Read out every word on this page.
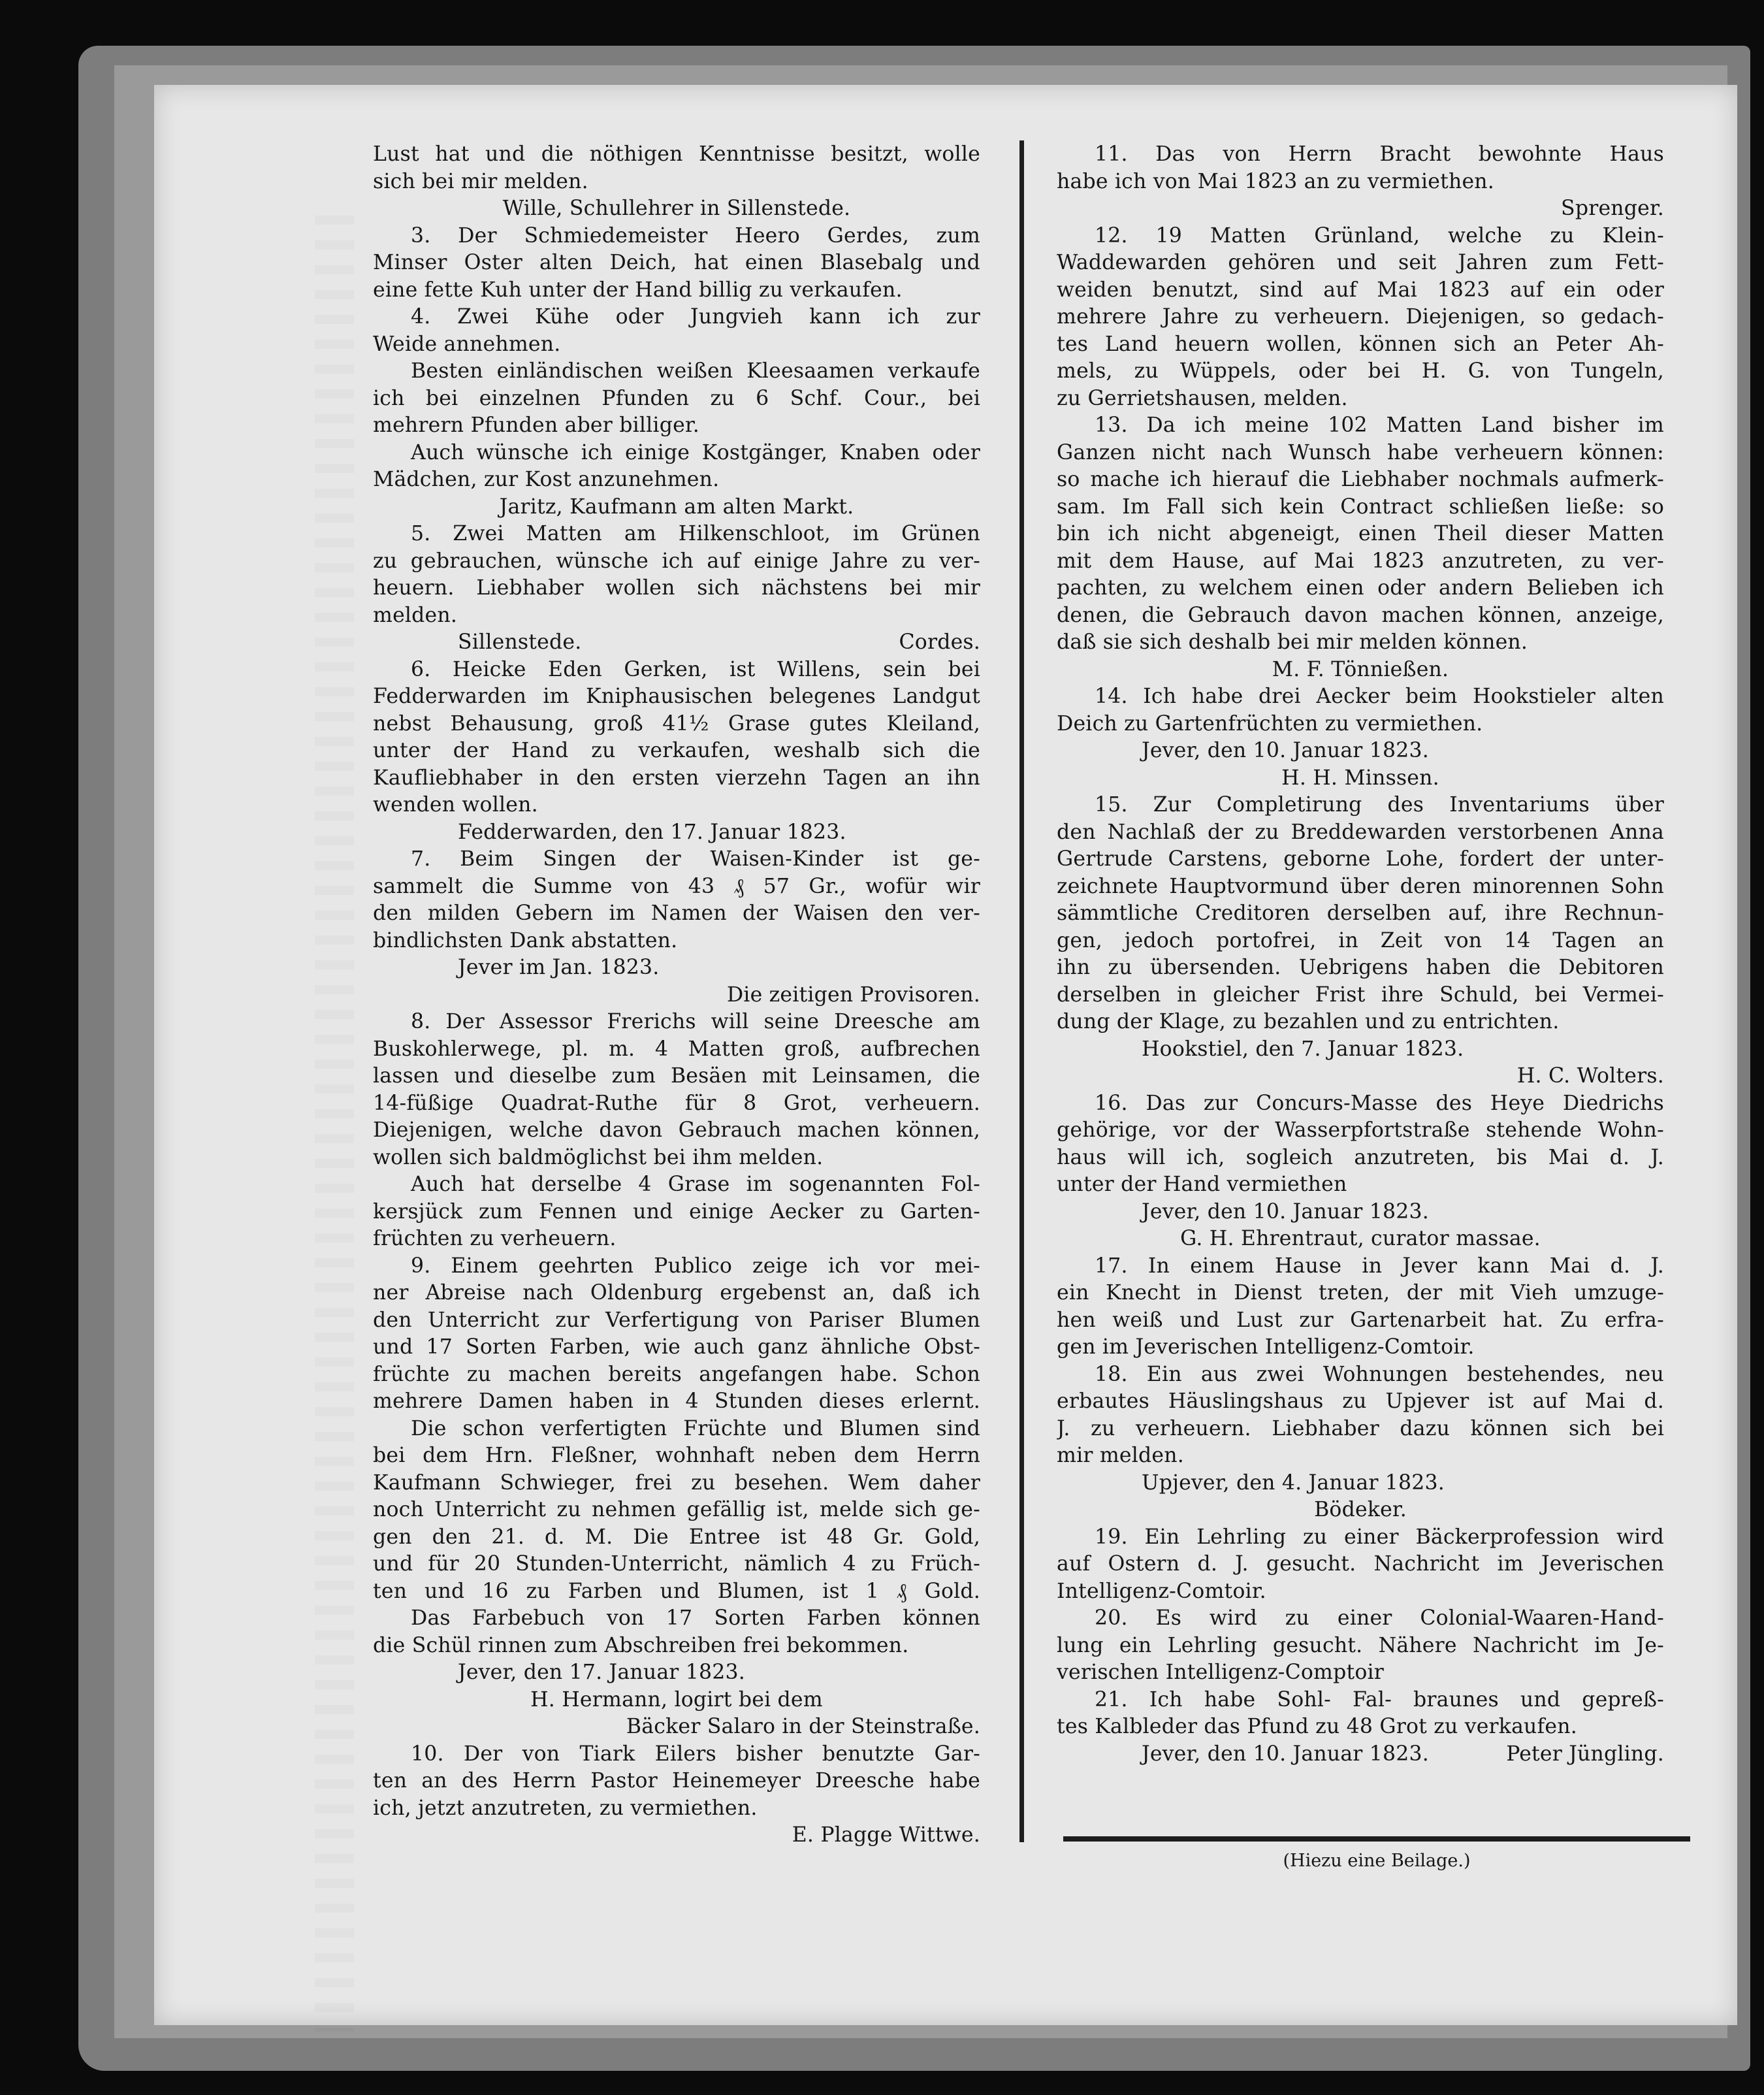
Lust hat und die nöthigen Kenntnisse besitzt, wolle
sich bei mir melden.
Wille, Schullehrer in Sillenstede.
3. Der Schmiedemeister Heero Gerdes, zum
Minser Oster alten Deich, hat einen Blasebalg und
eine fette Kuh unter der Hand billig zu verkaufen.
4. Zwei Kühe oder Jungvieh kann ich zur
Weide annehmen.
Besten einländischen weißen Kleesaamen verkaufe
ich bei einzelnen Pfunden zu 6 Schf. Cour., bei
mehrern Pfunden aber billiger.
Auch wünsche ich einige Kostgänger, Knaben oder
Mädchen, zur Kost anzunehmen.
Jaritz, Kaufmann am alten Markt.
5. Zwei Matten am Hilkenschloot, im Grünen
zu gebrauchen, wünsche ich auf einige Jahre zu ver-
heuern. Liebhaber wollen sich nächstens bei mir
melden.
Sillenstede.	Cordes.
6. Heicke Eden Gerken, ist Willens, sein bei
Fedderwarden im Kniphausischen belegenes Landgut
nebst Behausung, groß 41½ Grase gutes Kleiland,
unter der Hand zu verkaufen, weshalb sich die
Kaufliebhaber in den ersten vierzehn Tagen an ihn
wenden wollen.
Fedderwarden, den 17. Januar 1823.
7. Beim Singen der Waisen-Kinder ist ge-
sammelt die Summe von 43 ₰ 57 Gr., wofür wir
den milden Gebern im Namen der Waisen den ver-
bindlichsten Dank abstatten.
Jever im Jan. 1823.
Die zeitigen Provisoren.
8. Der Assessor Frerichs will seine Dreesche am
Buskohlerwege, pl. m. 4 Matten groß, aufbrechen
lassen und dieselbe zum Besäen mit Leinsamen, die
14-füßige Quadrat-Ruthe für 8 Grot, verheuern.
Diejenigen, welche davon Gebrauch machen können,
wollen sich baldmöglichst bei ihm melden.
Auch hat derselbe 4 Grase im sogenannten Fol-
kersjück zum Fennen und einige Aecker zu Garten-
früchten zu verheuern.
9. Einem geehrten Publico zeige ich vor mei-
ner Abreise nach Oldenburg ergebenst an, daß ich
den Unterricht zur Verfertigung von Pariser Blumen
und 17 Sorten Farben, wie auch ganz ähnliche Obst-
früchte zu machen bereits angefangen habe. Schon
mehrere Damen haben in 4 Stunden dieses erlernt.
Die schon verfertigten Früchte und Blumen sind
bei dem Hrn. Fleßner, wohnhaft neben dem Herrn
Kaufmann Schwieger, frei zu besehen. Wem daher
noch Unterricht zu nehmen gefällig ist, melde sich ge-
gen den 21. d. M. Die Entree ist 48 Gr. Gold,
und für 20 Stunden-Unterricht, nämlich 4 zu Früch-
ten und 16 zu Farben und Blumen, ist 1 ₰ Gold.
Das Farbebuch von 17 Sorten Farben können
die Schül rinnen zum Abschreiben frei bekommen.
Jever, den 17. Januar 1823.
H. Hermann, logirt bei dem
Bäcker Salaro in der Steinstraße.
10. Der von Tiark Eilers bisher benutzte Gar-
ten an des Herrn Pastor Heinemeyer Dreesche habe
ich, jetzt anzutreten, zu vermiethen.
E. Plagge Wittwe.
11. Das von Herrn Bracht bewohnte Haus
habe ich von Mai 1823 an zu vermiethen.
Sprenger.
12. 19 Matten Grünland, welche zu Klein-
Waddewarden gehören und seit Jahren zum Fett-
weiden benutzt, sind auf Mai 1823 auf ein oder
mehrere Jahre zu verheuern. Diejenigen, so gedach-
tes Land heuern wollen, können sich an Peter Ah-
mels, zu Wüppels, oder bei H. G. von Tungeln,
zu Gerrietshausen, melden.
13. Da ich meine 102 Matten Land bisher im
Ganzen nicht nach Wunsch habe verheuern können:
so mache ich hierauf die Liebhaber nochmals aufmerk-
sam. Im Fall sich kein Contract schließen ließe: so
bin ich nicht abgeneigt, einen Theil dieser Matten
mit dem Hause, auf Mai 1823 anzutreten, zu ver-
pachten, zu welchem einen oder andern Belieben ich
denen, die Gebrauch davon machen können, anzeige,
daß sie sich deshalb bei mir melden können.
M. F. Tönnießen.
14. Ich habe drei Aecker beim Hookstieler alten
Deich zu Gartenfrüchten zu vermiethen.
Jever, den 10. Januar 1823.
H. H. Minssen.
15. Zur Completirung des Inventariums über
den Nachlaß der zu Breddewarden verstorbenen Anna
Gertrude Carstens, geborne Lohe, fordert der unter-
zeichnete Hauptvormund über deren minorennen Sohn
sämmtliche Creditoren derselben auf, ihre Rechnun-
gen, jedoch portofrei, in Zeit von 14 Tagen an
ihn zu übersenden. Uebrigens haben die Debitoren
derselben in gleicher Frist ihre Schuld, bei Vermei-
dung der Klage, zu bezahlen und zu entrichten.
Hookstiel, den 7. Januar 1823.
H. C. Wolters.
16. Das zur Concurs-Masse des Heye Diedrichs
gehörige, vor der Wasserpfortstraße stehende Wohn-
haus will ich, sogleich anzutreten, bis Mai d. J.
unter der Hand vermiethen
Jever, den 10. Januar 1823.
G. H. Ehrentraut, curator massae.
17. In einem Hause in Jever kann Mai d. J.
ein Knecht in Dienst treten, der mit Vieh umzuge-
hen weiß und Lust zur Gartenarbeit hat. Zu erfra-
gen im Jeverischen Intelligenz-Comtoir.
18. Ein aus zwei Wohnungen bestehendes, neu
erbautes Häuslingshaus zu Upjever ist auf Mai d.
J. zu verheuern. Liebhaber dazu können sich bei
mir melden.
Upjever, den 4. Januar 1823.
Bödeker.
19. Ein Lehrling zu einer Bäckerprofession wird
auf Ostern d. J. gesucht. Nachricht im Jeverischen
Intelligenz-Comtoir.
20. Es wird zu einer Colonial-Waaren-Hand-
lung ein Lehrling gesucht. Nähere Nachricht im Je-
verischen Intelligenz-Comptoir
21. Ich habe Sohl- Fal- braunes und gepreß-
tes Kalbleder das Pfund zu 48 Grot zu verkaufen.
Jever, den 10. Januar 1823.	Peter Jüngling.
(Hiezu eine Beilage.)
